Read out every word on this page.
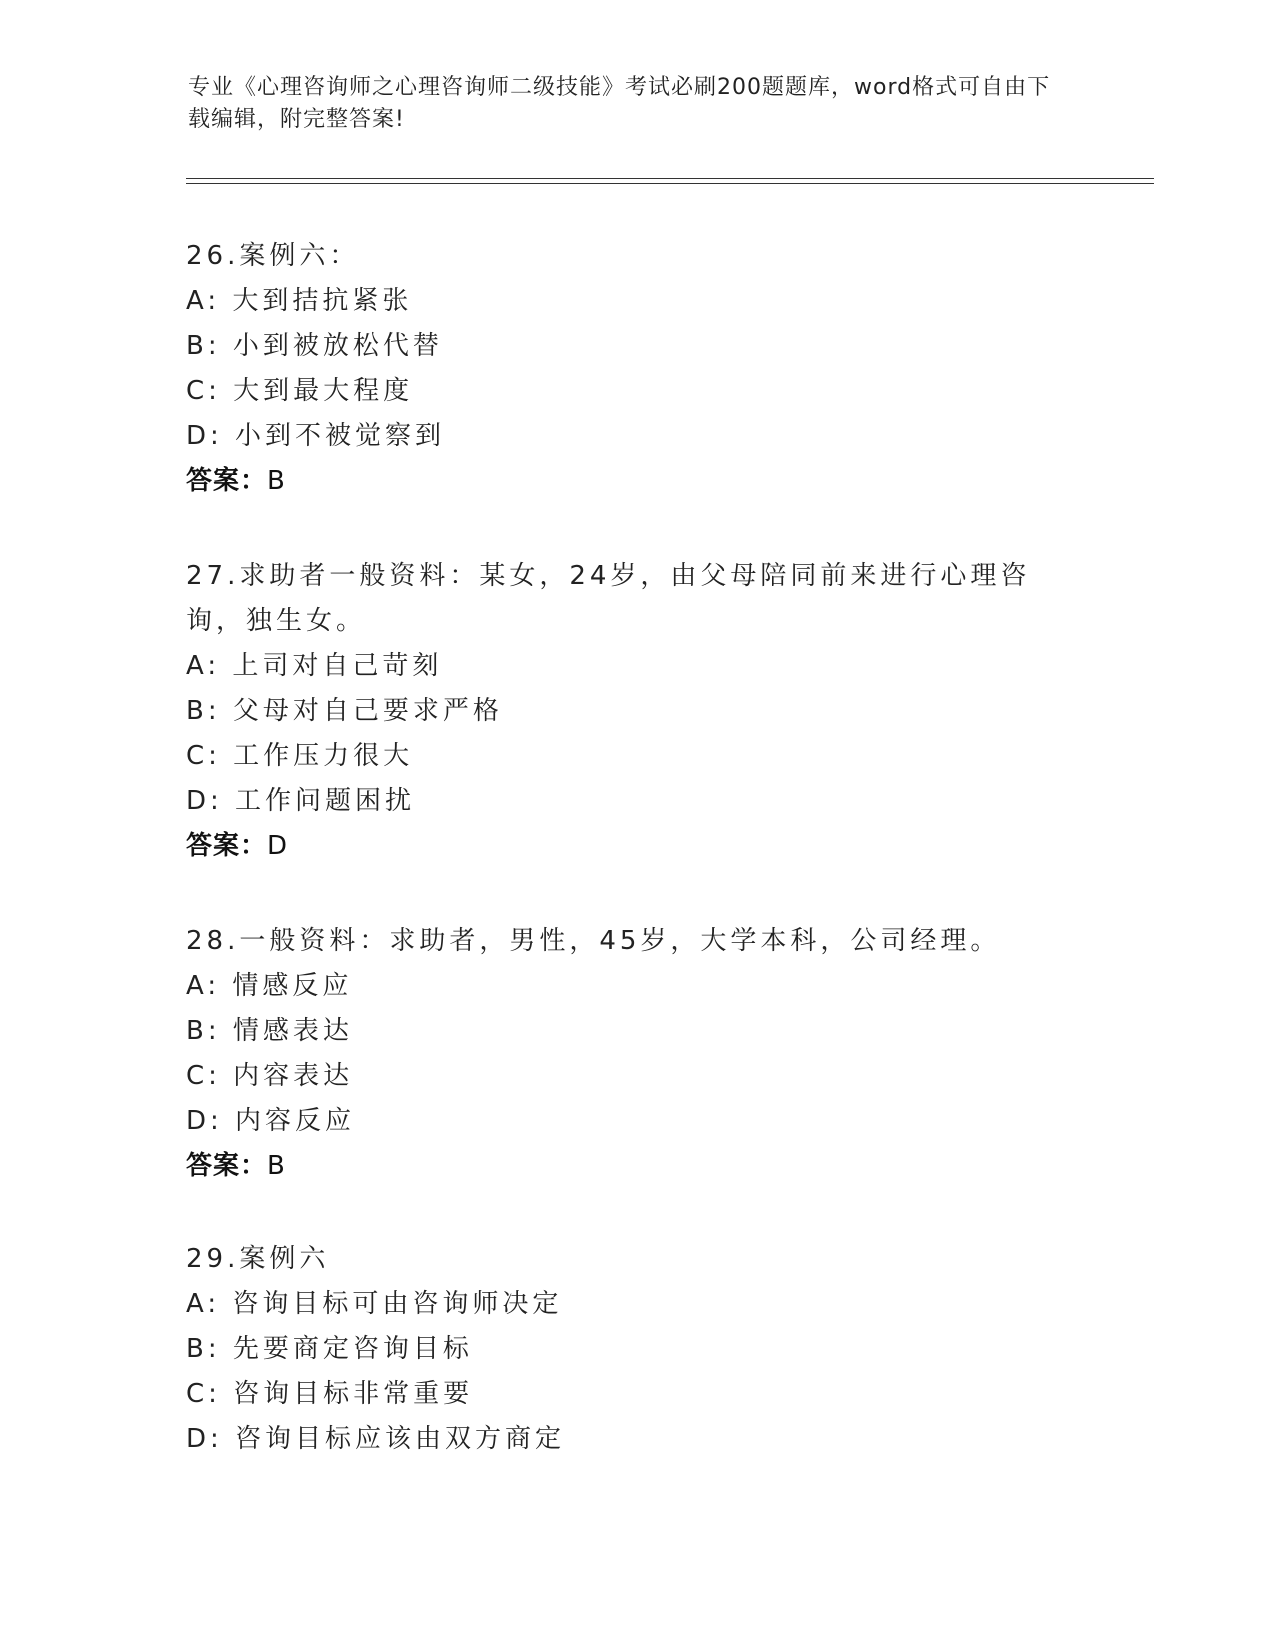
专业《心理咨询师之心理咨询师二级技能》考试必刷200题题库，word格式可自由下载编辑，附完整答案!
26.案例六：
A: 大到拮抗紧张
B: 小到被放松代替
C: 大到最大程度
D: 小到不被觉察到
答案：B
27.求助者一般资料：某女，24岁，由父母陪同前来进行心理咨询，独生女。
A: 上司对自己苛刻
B: 父母对自己要求严格
C: 工作压力很大
D: 工作问题困扰
答案：D
28.一般资料：求助者，男性，45岁，大学本科，公司经理。
A: 情感反应
B: 情感表达
C: 内容表达
D: 内容反应
答案：B
29.案例六
A: 咨询目标可由咨询师决定
B: 先要商定咨询目标
C: 咨询目标非常重要
D: 咨询目标应该由双方商定
